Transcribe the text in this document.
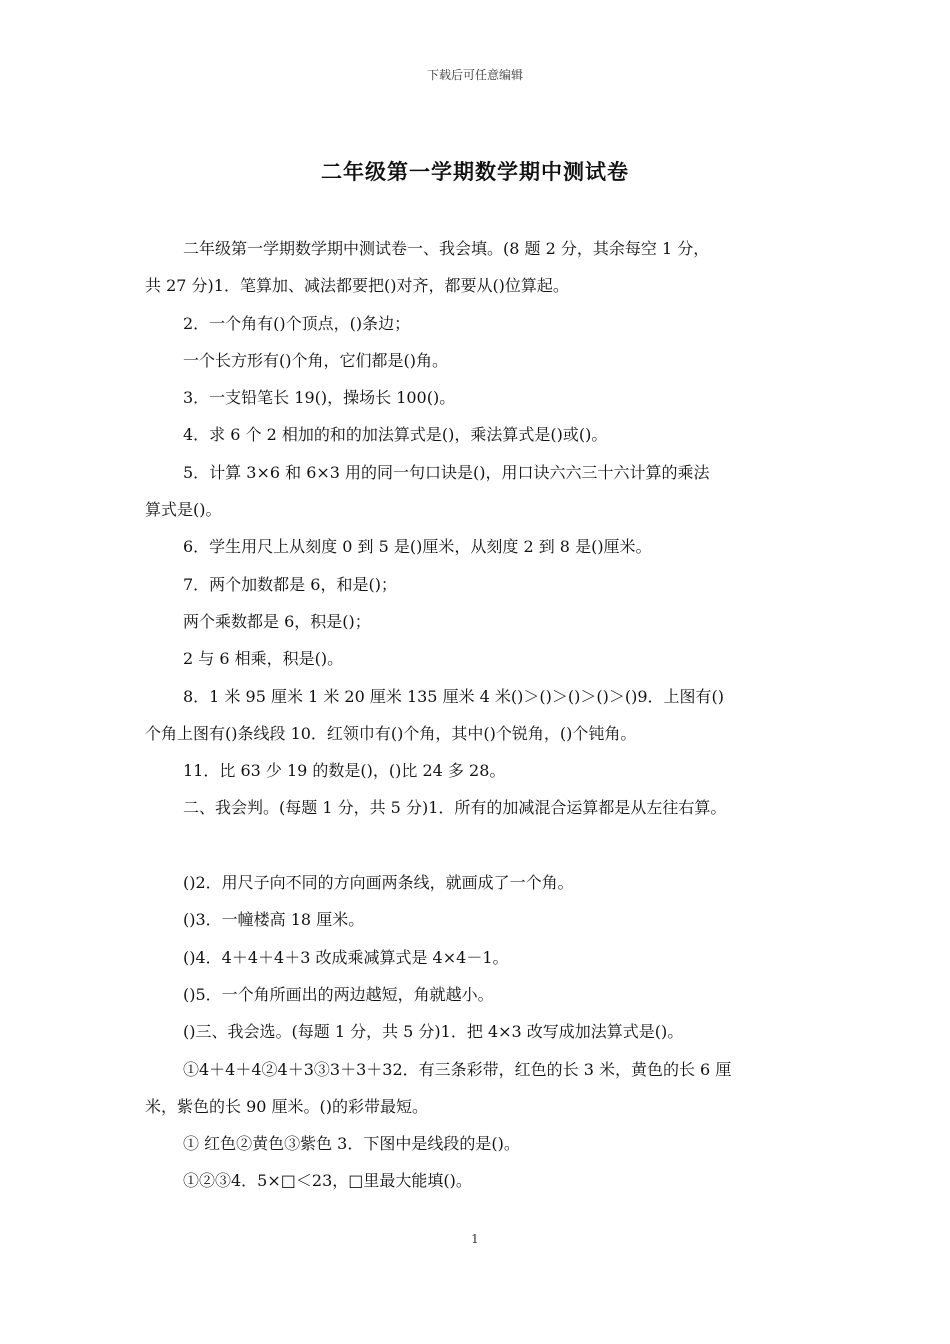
下载后可任意编辑
二年级第一学期数学期中测试卷
二年级第一学期数学期中测试卷一、我会填。(8 题 2 分，其余每空 1 分，
共 27 分)1．笔算加、减法都要把()对齐，都要从()位算起。
2．一个角有()个顶点，()条边；
一个长方形有()个角，它们都是()角。
3．一支铅笔长 19()，操场长 100()。
4．求 6 个 2 相加的和的加法算式是()，乘法算式是()或()。
5．计算 3×6 和 6×3 用的同一句口诀是()，用口诀六六三十六计算的乘法
算式是()。
6．学生用尺上从刻度 0 到 5 是()厘米，从刻度 2 到 8 是()厘米。
7．两个加数都是 6，和是()；
两个乘数都是 6，积是()；
2 与 6 相乘，积是()。
8．1 米 95 厘米 1 米 20 厘米 135 厘米 4 米()＞()＞()＞()＞()9．上图有()
个角上图有()条线段 10．红领巾有()个角，其中()个锐角，()个钝角。
11．比 63 少 19 的数是()，()比 24 多 28。
二、我会判。(每题 1 分，共 5 分)1．所有的加减混合运算都是从左往右算。
()2．用尺子向不同的方向画两条线，就画成了一个角。
()3．一幢楼高 18 厘米。
()4．4＋4＋4＋3 改成乘减算式是 4×4－1。
()5．一个角所画出的两边越短，角就越小。
()三、我会选。(每题 1 分，共 5 分)1．把 4×3 改写成加法算式是()。
①4＋4＋4②4＋3③3＋3＋32．有三条彩带，红色的长 3 米，黄色的长 6 厘
米，紫色的长 90 厘米。()的彩带最短。
① 红色②黄色③紫色 3．下图中是线段的是()。
①②③4．5×□＜23，□里最大能填()。
1
